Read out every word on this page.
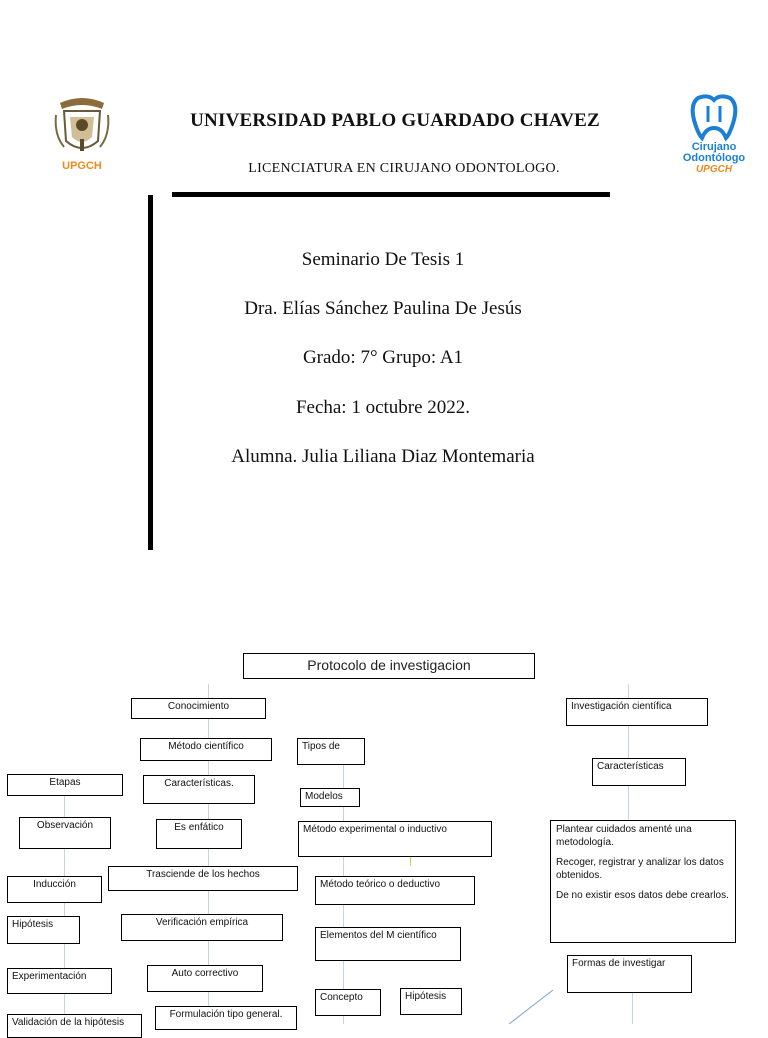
UPGCH
Cirujano
Odontólogo
UPGCH
UNIVERSIDAD PABLO GUARDADO CHAVEZ
LICENCIATURA EN CIRUJANO ODONTOLOGO.
Seminario De Tesis 1
Dra. Elías Sánchez Paulina De Jesús
Grado: 7° Grupo: A1
Fecha: 1 octubre 2022.
Alumna. Julia Liliana Diaz Montemaria
Protocolo de investigacion
Conocimiento
Método científico
Características.
Es enfático
Trasciende de los hechos
Verificación empírica
Auto correctivo
Formulación tipo general.
Etapas
Observación
Inducción
Hipótesis
Experimentación
Validación de la hipótesis
Tipos de
Modelos
Método experimental o inductivo
Método teórico o deductivo
Elementos del M científico
Concepto	Hipótesis
Investigación científica
Características

Plantear cuidados amenté una metodología.

Recoger, registrar y analizar los datos obtenidos.

De no existir esos datos debe crearlos.

Formas de investigar
